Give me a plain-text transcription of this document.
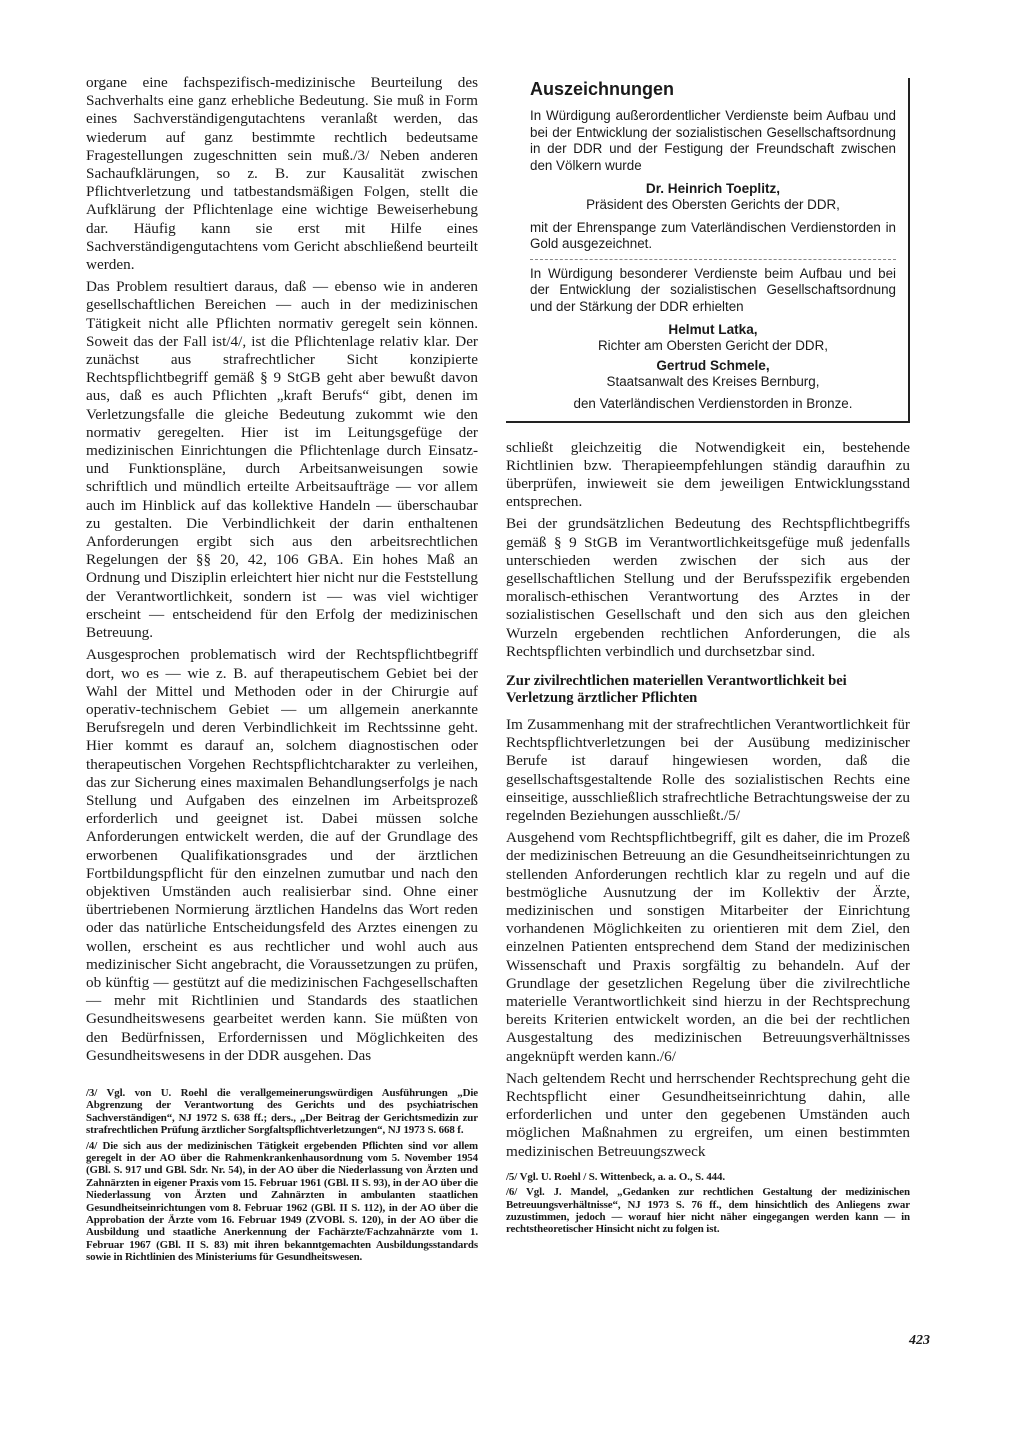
organe eine fachspezifisch-medizinische Beurteilung des Sachverhalts eine ganz erhebliche Bedeutung. Sie muß in Form eines Sachverständigengutachtens veranlaßt werden, das wiederum auf ganz bestimmte rechtlich bedeutsame Fragestellungen zugeschnitten sein muß./3/ Neben anderen Sachaufklärungen, so z. B. zur Kausalität zwischen Pflichtverletzung und tatbestandsmäßigen Folgen, stellt die Aufklärung der Pflichtenlage eine wichtige Beweiserhebung dar. Häufig kann sie erst mit Hilfe eines Sachverständigengutachtens vom Gericht abschließend beurteilt werden.

Das Problem resultiert daraus, daß — ebenso wie in anderen gesellschaftlichen Bereichen — auch in der medizinischen Tätigkeit nicht alle Pflichten normativ geregelt sein können. Soweit das der Fall ist/4/, ist die Pflichtenlage relativ klar. Der zunächst aus strafrechtlicher Sicht konzipierte Rechtspflichtbegriff gemäß § 9 StGB geht aber bewußt davon aus, daß es auch Pflichten „kraft Berufs“ gibt, denen im Verletzungsfalle die gleiche Bedeutung zukommt wie den normativ geregelten. Hier ist im Leitungsgefüge der medizinischen Einrichtungen die Pflichtenlage durch Einsatz- und Funktionspläne, durch Arbeitsanweisungen sowie schriftlich und mündlich erteilte Arbeitsaufträge — vor allem auch im Hinblick auf das kollektive Handeln — überschaubar zu gestalten. Die Verbindlichkeit der darin enthaltenen Anforderungen ergibt sich aus den arbeitsrechtlichen Regelungen der §§ 20, 42, 106 GBA. Ein hohes Maß an Ordnung und Disziplin erleichtert hier nicht nur die Feststellung der Verantwortlichkeit, sondern ist — was viel wichtiger erscheint — entscheidend für den Erfolg der medizinischen Betreuung.

Ausgesprochen problematisch wird der Rechtspflichtbegriff dort, wo es — wie z. B. auf therapeutischem Gebiet bei der Wahl der Mittel und Methoden oder in der Chirurgie auf operativ-technischem Gebiet — um allgemein anerkannte Berufsregeln und deren Verbindlichkeit im Rechtssinne geht. Hier kommt es darauf an, solchem diagnostischen oder therapeutischen Vorgehen Rechtspflichtcharakter zu verleihen, das zur Sicherung eines maximalen Behandlungserfolgs je nach Stellung und Aufgaben des einzelnen im Arbeitsprozeß erforderlich und geeignet ist. Dabei müssen solche Anforderungen entwickelt werden, die auf der Grundlage des erworbenen Qualifikationsgrades und der ärztlichen Fortbildungspflicht für den einzelnen zumutbar und nach den objektiven Umständen auch realisierbar sind. Ohne einer übertriebenen Normierung ärztlichen Handelns das Wort reden oder das natürliche Entscheidungsfeld des Arztes einengen zu wollen, erscheint es aus rechtlicher und wohl auch aus medizinischer Sicht angebracht, die Voraussetzungen zu prüfen, ob künftig — gestützt auf die medizinischen Fachgesellschaften — mehr mit Richtlinien und Standards des staatlichen Gesundheitswesens gearbeitet werden kann. Sie müßten von den Bedürfnissen, Erfordernissen und Möglichkeiten des Gesundheitswesens in der DDR ausgehen. Das

/3/ Vgl. von U. Roehl die verallgemeinerungswürdigen Ausführungen „Die Abgrenzung der Verantwortung des Gerichts und des psychiatrischen Sachverständigen“, NJ 1972 S. 638 ff.; ders., „Der Beitrag der Gerichtsmedizin zur strafrechtlichen Prüfung ärztlicher Sorgfaltspflichtverletzungen“, NJ 1973 S. 668 f.

/4/ Die sich aus der medizinischen Tätigkeit ergebenden Pflichten sind vor allem geregelt in der AO über die Rahmenkrankenhausordnung vom 5. November 1954 (GBl. S. 917 und GBl. Sdr. Nr. 54), in der AO über die Niederlassung von Ärzten und Zahnärzten in eigener Praxis vom 15. Februar 1961 (GBl. II S. 93), in der AO über die Niederlassung von Ärzten und Zahnärzten in ambulanten staatlichen Gesundheitseinrichtungen vom 8. Februar 1962 (GBl. II S. 112), in der AO über die Approbation der Ärzte vom 16. Februar 1949 (ZVOBl. S. 120), in der AO über die Ausbildung und staatliche Anerkennung der Fachärzte/Fachzahnärzte vom 1. Februar 1967 (GBl. II S. 83) mit ihren bekanntgemachten Ausbildungsstandards sowie in Richtlinien des Ministeriums für Gesundheitswesen.

Auszeichnungen

In Würdigung außerordentlicher Verdienste beim Aufbau und bei der Entwicklung der sozialistischen Gesellschaftsordnung in der DDR und der Festigung der Freundschaft zwischen den Völkern wurde

Dr. Heinrich Toeplitz,

Präsident des Obersten Gerichts der DDR,

mit der Ehrenspange zum Vaterländischen Verdienstorden in Gold ausgezeichnet.

In Würdigung besonderer Verdienste beim Aufbau und bei der Entwicklung der sozialistischen Gesellschaftsordnung und der Stärkung der DDR erhielten

Helmut Latka,

Richter am Obersten Gericht der DDR,

Gertrud Schmele,

Staatsanwalt des Kreises Bernburg,

den Vaterländischen Verdienstorden in Bronze.

schließt gleichzeitig die Notwendigkeit ein, bestehende Richtlinien bzw. Therapieempfehlungen ständig daraufhin zu überprüfen, inwieweit sie dem jeweiligen Entwicklungsstand entsprechen.

Bei der grundsätzlichen Bedeutung des Rechtspflichtbegriffs gemäß § 9 StGB im Verantwortlichkeitsgefüge muß jedenfalls unterschieden werden zwischen der sich aus der gesellschaftlichen Stellung und der Berufsspezifik ergebenden moralisch-ethischen Verantwortung des Arztes in der sozialistischen Gesellschaft und den sich aus den gleichen Wurzeln ergebenden rechtlichen Anforderungen, die als Rechtspflichten verbindlich und durchsetzbar sind.

Zur zivilrechtlichen materiellen Verantwortlichkeit bei Verletzung ärztlicher Pflichten

Im Zusammenhang mit der strafrechtlichen Verantwortlichkeit für Rechtspflichtverletzungen bei der Ausübung medizinischer Berufe ist darauf hingewiesen worden, daß die gesellschaftsgestaltende Rolle des sozialistischen Rechts eine einseitige, ausschließlich strafrechtliche Betrachtungsweise der zu regelnden Beziehungen ausschließt./5/

Ausgehend vom Rechtspflichtbegriff, gilt es daher, die im Prozeß der medizinischen Betreuung an die Gesundheitseinrichtungen zu stellenden Anforderungen rechtlich klar zu regeln und auf die bestmögliche Ausnutzung der im Kollektiv der Ärzte, medizinischen und sonstigen Mitarbeiter der Einrichtung vorhandenen Möglichkeiten zu orientieren mit dem Ziel, den einzelnen Patienten entsprechend dem Stand der medizinischen Wissenschaft und Praxis sorgfältig zu behandeln. Auf der Grundlage der gesetzlichen Regelung über die zivilrechtliche materielle Verantwortlichkeit sind hierzu in der Rechtsprechung bereits Kriterien entwickelt worden, an die bei der rechtlichen Ausgestaltung des medizinischen Betreuungsverhältnisses angeknüpft werden kann./6/

Nach geltendem Recht und herrschender Rechtsprechung geht die Rechtspflicht einer Gesundheitseinrichtung dahin, alle erforderlichen und unter den gegebenen Umständen auch möglichen Maßnahmen zu ergreifen, um einen bestimmten medizinischen Betreuungszweck

/5/ Vgl. U. Roehl / S. Wittenbeck, a. a. O., S. 444.

/6/ Vgl. J. Mandel, „Gedanken zur rechtlichen Gestaltung der medizinischen Betreuungsverhältnisse“, NJ 1973 S. 76 ff., dem hinsichtlich des Anliegens zwar zuzustimmen, jedoch — worauf hier nicht näher eingegangen werden kann — in rechtstheoretischer Hinsicht nicht zu folgen ist.

423
